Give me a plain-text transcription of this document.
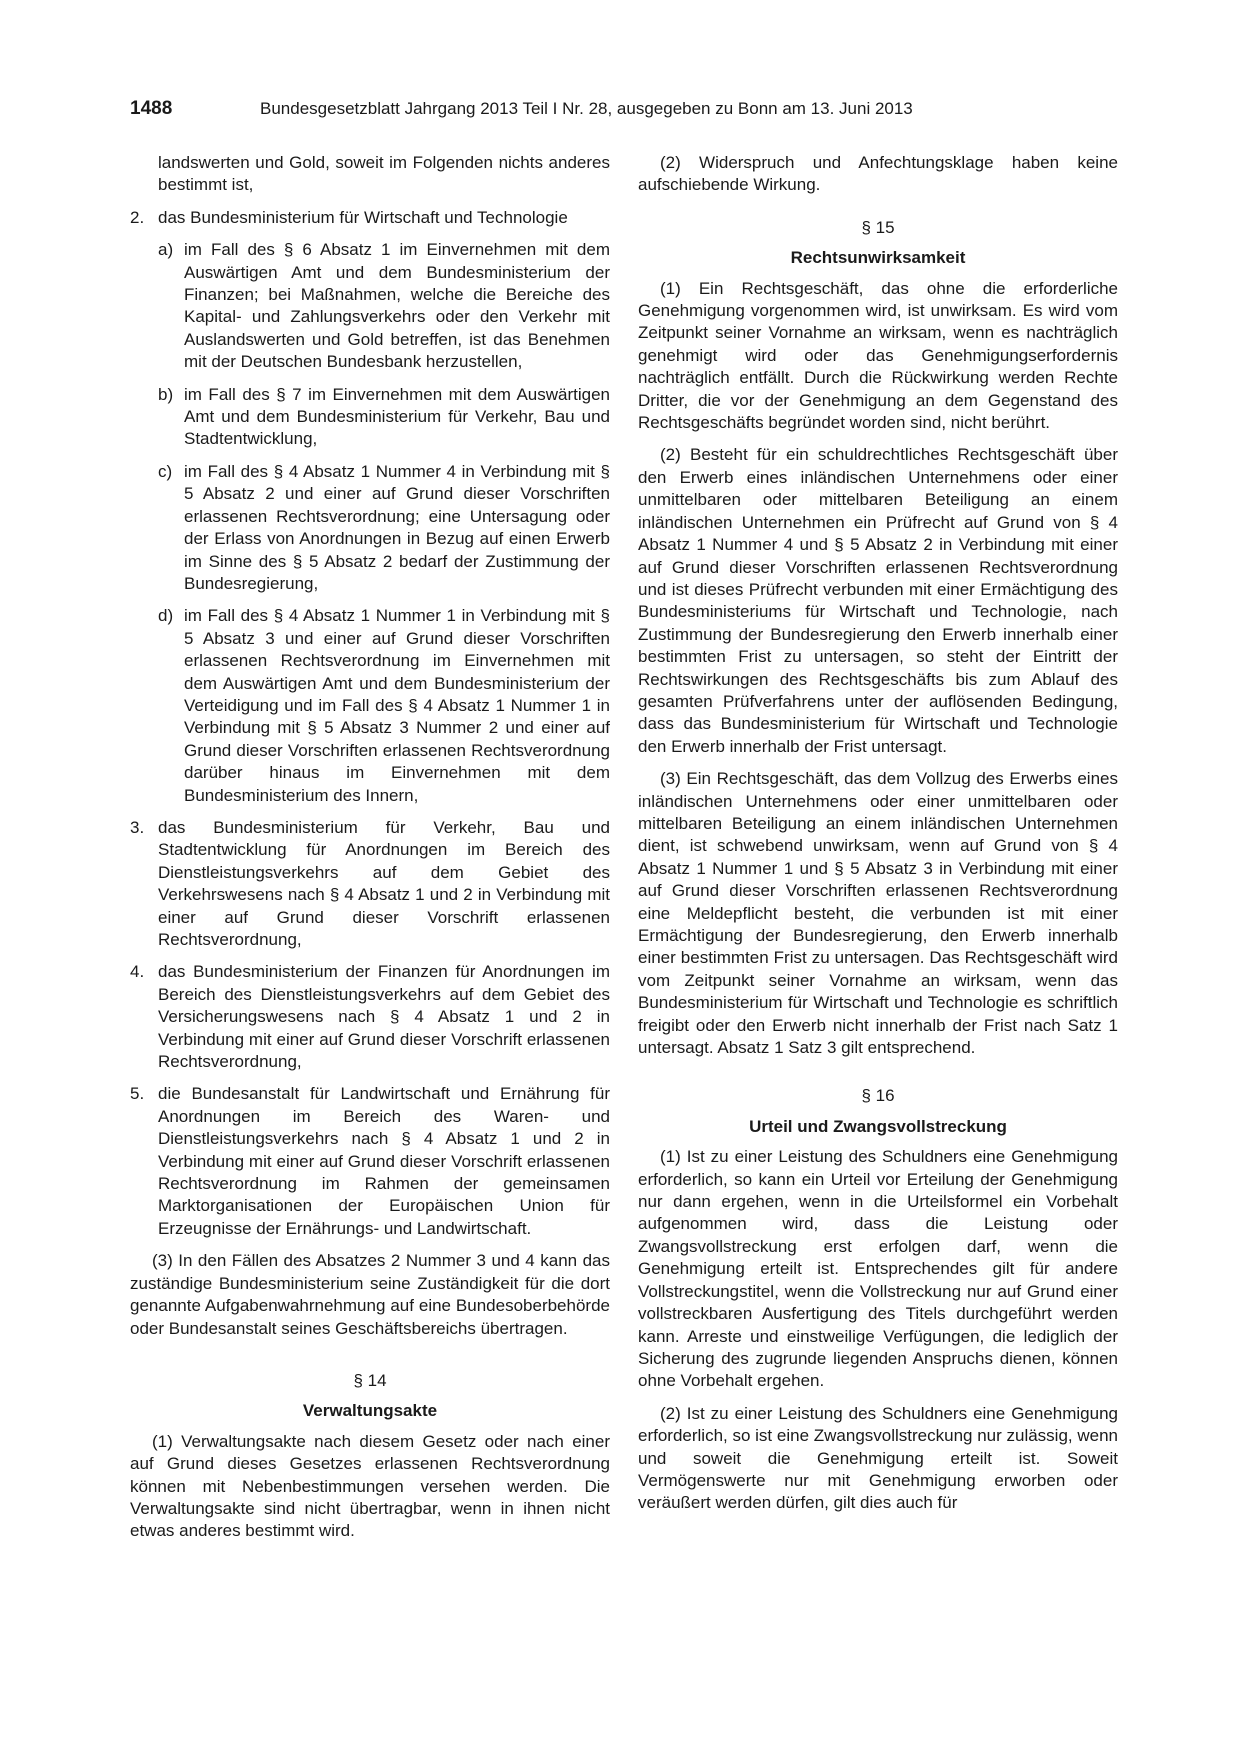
1488	Bundesgesetzblatt Jahrgang 2013 Teil I Nr. 28, ausgegeben zu Bonn am 13. Juni 2013

landswerten und Gold, soweit im Folgenden nichts anderes bestimmt ist,

2. das Bundesministerium für Wirtschaft und Technologie
a) im Fall des § 6 Absatz 1 im Einvernehmen mit dem Auswärtigen Amt und dem Bundesministerium der Finanzen; bei Maßnahmen, welche die Bereiche des Kapital- und Zahlungsverkehrs oder den Verkehr mit Auslandswerten und Gold betreffen, ist das Benehmen mit der Deutschen Bundesbank herzustellen,
b) im Fall des § 7 im Einvernehmen mit dem Auswärtigen Amt und dem Bundesministerium für Verkehr, Bau und Stadtentwicklung,
c) im Fall des § 4 Absatz 1 Nummer 4 in Verbindung mit § 5 Absatz 2 und einer auf Grund dieser Vorschriften erlassenen Rechtsverordnung; eine Untersagung oder der Erlass von Anordnungen in Bezug auf einen Erwerb im Sinne des § 5 Absatz 2 bedarf der Zustimmung der Bundesregierung,
d) im Fall des § 4 Absatz 1 Nummer 1 in Verbindung mit § 5 Absatz 3 und einer auf Grund dieser Vorschriften erlassenen Rechtsverordnung im Einvernehmen mit dem Auswärtigen Amt und dem Bundesministerium der Verteidigung und im Fall des § 4 Absatz 1 Nummer 1 in Verbindung mit § 5 Absatz 3 Nummer 2 und einer auf Grund dieser Vorschriften erlassenen Rechtsverordnung darüber hinaus im Einvernehmen mit dem Bundesministerium des Innern,
3. das Bundesministerium für Verkehr, Bau und Stadtentwicklung für Anordnungen im Bereich des Dienstleistungsverkehrs auf dem Gebiet des Verkehrswesens nach § 4 Absatz 1 und 2 in Verbindung mit einer auf Grund dieser Vorschrift erlassenen Rechtsverordnung,
4. das Bundesministerium der Finanzen für Anordnungen im Bereich des Dienstleistungsverkehrs auf dem Gebiet des Versicherungswesens nach § 4 Absatz 1 und 2 in Verbindung mit einer auf Grund dieser Vorschrift erlassenen Rechtsverordnung,
5. die Bundesanstalt für Landwirtschaft und Ernährung für Anordnungen im Bereich des Waren- und Dienstleistungsverkehrs nach § 4 Absatz 1 und 2 in Verbindung mit einer auf Grund dieser Vorschrift erlassenen Rechtsverordnung im Rahmen der gemeinsamen Marktorganisationen der Europäischen Union für Erzeugnisse der Ernährungs- und Landwirtschaft.

(3) In den Fällen des Absatzes 2 Nummer 3 und 4 kann das zuständige Bundesministerium seine Zuständigkeit für die dort genannte Aufgabenwahrnehmung auf eine Bundesoberbehörde oder Bundesanstalt seines Geschäftsbereichs übertragen.

§ 14

Verwaltungsakte

(1) Verwaltungsakte nach diesem Gesetz oder nach einer auf Grund dieses Gesetzes erlassenen Rechtsverordnung können mit Nebenbestimmungen versehen werden. Die Verwaltungsakte sind nicht übertragbar, wenn in ihnen nicht etwas anderes bestimmt wird.

(2) Widerspruch und Anfechtungsklage haben keine aufschiebende Wirkung.

§ 15

Rechtsunwirksamkeit

(1) Ein Rechtsgeschäft, das ohne die erforderliche Genehmigung vorgenommen wird, ist unwirksam. Es wird vom Zeitpunkt seiner Vornahme an wirksam, wenn es nachträglich genehmigt wird oder das Genehmigungserfordernis nachträglich entfällt. Durch die Rückwirkung werden Rechte Dritter, die vor der Genehmigung an dem Gegenstand des Rechtsgeschäfts begründet worden sind, nicht berührt.

(2) Besteht für ein schuldrechtliches Rechtsgeschäft über den Erwerb eines inländischen Unternehmens oder einer unmittelbaren oder mittelbaren Beteiligung an einem inländischen Unternehmen ein Prüfrecht auf Grund von § 4 Absatz 1 Nummer 4 und § 5 Absatz 2 in Verbindung mit einer auf Grund dieser Vorschriften erlassenen Rechtsverordnung und ist dieses Prüfrecht verbunden mit einer Ermächtigung des Bundesministeriums für Wirtschaft und Technologie, nach Zustimmung der Bundesregierung den Erwerb innerhalb einer bestimmten Frist zu untersagen, so steht der Eintritt der Rechtswirkungen des Rechtsgeschäfts bis zum Ablauf des gesamten Prüfverfahrens unter der auflösenden Bedingung, dass das Bundesministerium für Wirtschaft und Technologie den Erwerb innerhalb der Frist untersagt.

(3) Ein Rechtsgeschäft, das dem Vollzug des Erwerbs eines inländischen Unternehmens oder einer unmittelbaren oder mittelbaren Beteiligung an einem inländischen Unternehmen dient, ist schwebend unwirksam, wenn auf Grund von § 4 Absatz 1 Nummer 1 und § 5 Absatz 3 in Verbindung mit einer auf Grund dieser Vorschriften erlassenen Rechtsverordnung eine Meldepflicht besteht, die verbunden ist mit einer Ermächtigung der Bundesregierung, den Erwerb innerhalb einer bestimmten Frist zu untersagen. Das Rechtsgeschäft wird vom Zeitpunkt seiner Vornahme an wirksam, wenn das Bundesministerium für Wirtschaft und Technologie es schriftlich freigibt oder den Erwerb nicht innerhalb der Frist nach Satz 1 untersagt. Absatz 1 Satz 3 gilt entsprechend.

§ 16

Urteil und Zwangsvollstreckung

(1) Ist zu einer Leistung des Schuldners eine Genehmigung erforderlich, so kann ein Urteil vor Erteilung der Genehmigung nur dann ergehen, wenn in die Urteilsformel ein Vorbehalt aufgenommen wird, dass die Leistung oder Zwangsvollstreckung erst erfolgen darf, wenn die Genehmigung erteilt ist. Entsprechendes gilt für andere Vollstreckungstitel, wenn die Vollstreckung nur auf Grund einer vollstreckbaren Ausfertigung des Titels durchgeführt werden kann. Arreste und einstweilige Verfügungen, die lediglich der Sicherung des zugrunde liegenden Anspruchs dienen, können ohne Vorbehalt ergehen.

(2) Ist zu einer Leistung des Schuldners eine Genehmigung erforderlich, so ist eine Zwangsvollstreckung nur zulässig, wenn und soweit die Genehmigung erteilt ist. Soweit Vermögenswerte nur mit Genehmigung erworben oder veräußert werden dürfen, gilt dies auch für
